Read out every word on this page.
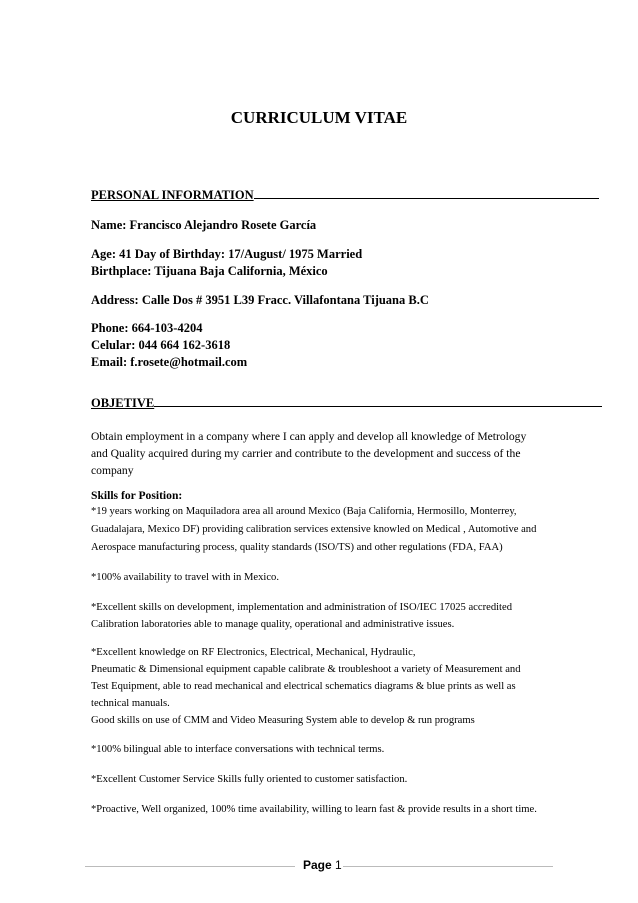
CURRICULUM VITAE
PERSONAL INFORMATION
Name: Francisco Alejandro Rosete García
Age: 41 Day of Birthday: 17/August/ 1975 Married
Birthplace: Tijuana Baja California, México
Address: Calle Dos # 3951 L39 Fracc. Villafontana Tijuana B.C
Phone: 664-103-4204
Celular: 044 664 162-3618
Email: f.rosete@hotmail.com
OBJETIVE
Obtain employment in a company where I can apply and develop all knowledge of Metrology
and Quality acquired during my carrier and contribute to the development and success of the
company
Skills for Position:
*19 years working on Maquiladora area all around Mexico (Baja California, Hermosillo, Monterrey,
Guadalajara, Mexico DF) providing calibration services extensive knowled on Medical , Automotive and
Aerospace manufacturing process, quality standards (ISO/TS) and other regulations (FDA, FAA)
*100% availability to travel with in Mexico.
*Excellent skills on development, implementation and administration of ISO/IEC 17025 accredited
Calibration laboratories able to manage quality, operational and administrative issues.
*Excellent knowledge on RF Electronics, Electrical, Mechanical, Hydraulic,
Pneumatic & Dimensional equipment capable calibrate & troubleshoot a variety of Measurement and
Test Equipment, able to read mechanical and electrical schematics diagrams & blue prints as well as
technical manuals.
Good skills on use of CMM and Video Measuring System able to develop & run programs
*100% bilingual able to interface conversations with technical terms.
*Excellent Customer Service Skills fully oriented to customer satisfaction.
*Proactive, Well organized, 100% time availability, willing to learn fast & provide results in a short time.
Page 1
